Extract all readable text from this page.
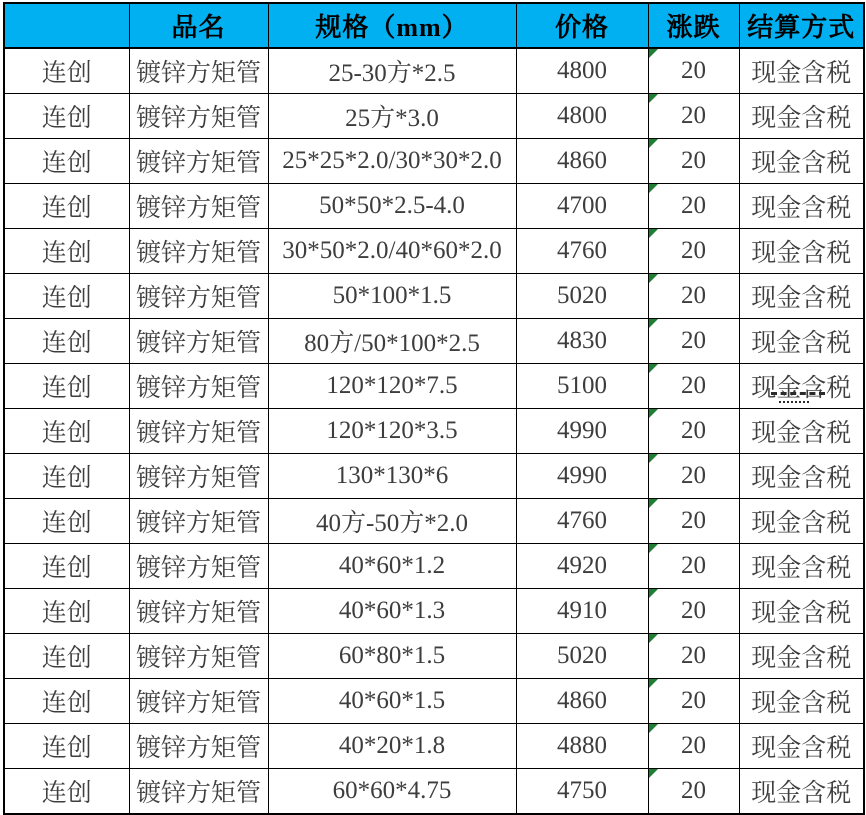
	品名	规格（mm）	价格	涨跌	结算方式
连创	镀锌方矩管	25-30方*2.5	4800	20	现金含税
连创	镀锌方矩管	25方*3.0	4800	20	现金含税
连创	镀锌方矩管	25*25*2.0/30*30*2.0	4860	20	现金含税
连创	镀锌方矩管	50*50*2.5-4.0	4700	20	现金含税
连创	镀锌方矩管	30*50*2.0/40*60*2.0	4760	20	现金含税
连创	镀锌方矩管	50*100*1.5	5020	20	现金含税
连创	镀锌方矩管	80方/50*100*2.5	4830	20	现金含税
连创	镀锌方矩管	120*120*7.5	5100	20	现金含税
连创	镀锌方矩管	120*120*3.5	4990	20	现金含税
连创	镀锌方矩管	130*130*6	4990	20	现金含税
连创	镀锌方矩管	40方-50方*2.0	4760	20	现金含税
连创	镀锌方矩管	40*60*1.2	4920	20	现金含税
连创	镀锌方矩管	40*60*1.3	4910	20	现金含税
连创	镀锌方矩管	60*80*1.5	5020	20	现金含税
连创	镀锌方矩管	40*60*1.5	4860	20	现金含税
连创	镀锌方矩管	40*20*1.8	4880	20	现金含税
连创	镀锌方矩管	60*60*4.75	4750	20	现金含税
